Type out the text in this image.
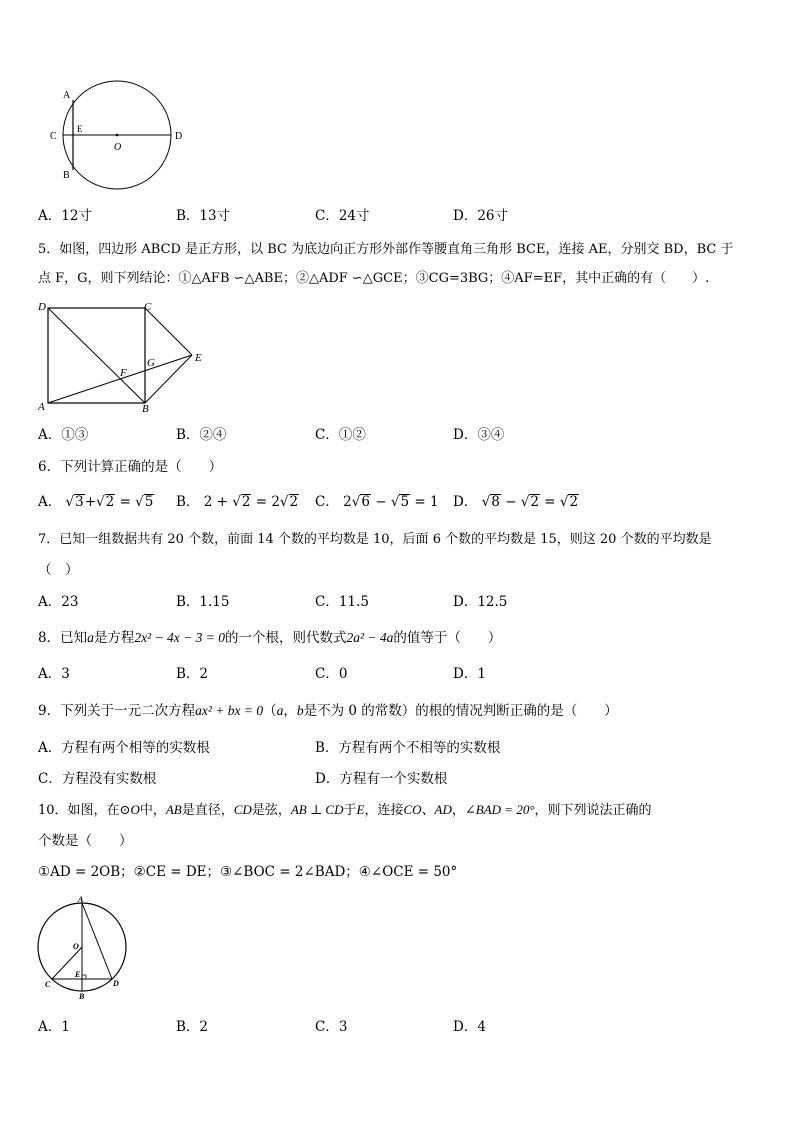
A
B
C	D
E
O
A．12寸	B．13寸	C．24寸	D．26寸
5．如图，四边形 ABCD 是正方形，以 BC 为底边向正方形外部作等腰直角三角形 BCE，连接 AE，分别交 BD，BC 于
点 F，G，则下列结论：①△AFB ∽△ABE；②△ADF ∽△GCE；③CG=3BG；④AF=EF，其中正确的有（　　）.
D	C
A	B
E
F
G
A．①③	B．②④	C．①②	D．③④
6．下列计算正确的是（　　）
A． √3+√2 = √5 B． 2 + √2 = 2√2 C． 2√6 − √5 = 1 D． √8 − √2 = √2
7．已知一组数据共有 20 个数，前面 14 个数的平均数是 10，后面 6 个数的平均数是 15，则这 20 个数的平均数是
（　）
A．23	B．1.15	C．11.5	D．12.5
8．已知a是方程2x² − 4x − 3 = 0的一个根，则代数式2a² − 4a的值等于（　　）
A．3	B．2	C．0	D．1
9．下列关于一元二次方程ax² + bx = 0（a，b是不为 0 的常数）的根的情况判断正确的是（　　）
A．方程有两个相等的实数根	B．方程有两个不相等的实数根
C．方程没有实数根	D．方程有一个实数根
10．如图，在⊙O中，AB是直径，CD是弦，AB ⊥ CD于E，连接CO、AD，∠BAD = 20°，则下列说法正确的
个数是（　　）
①AD = 2OB；②CE = DE；③∠BOC = 2∠BAD；④∠OCE = 50°
A
O
E
C
B
D
A．1	B．2	C．3	D．4
